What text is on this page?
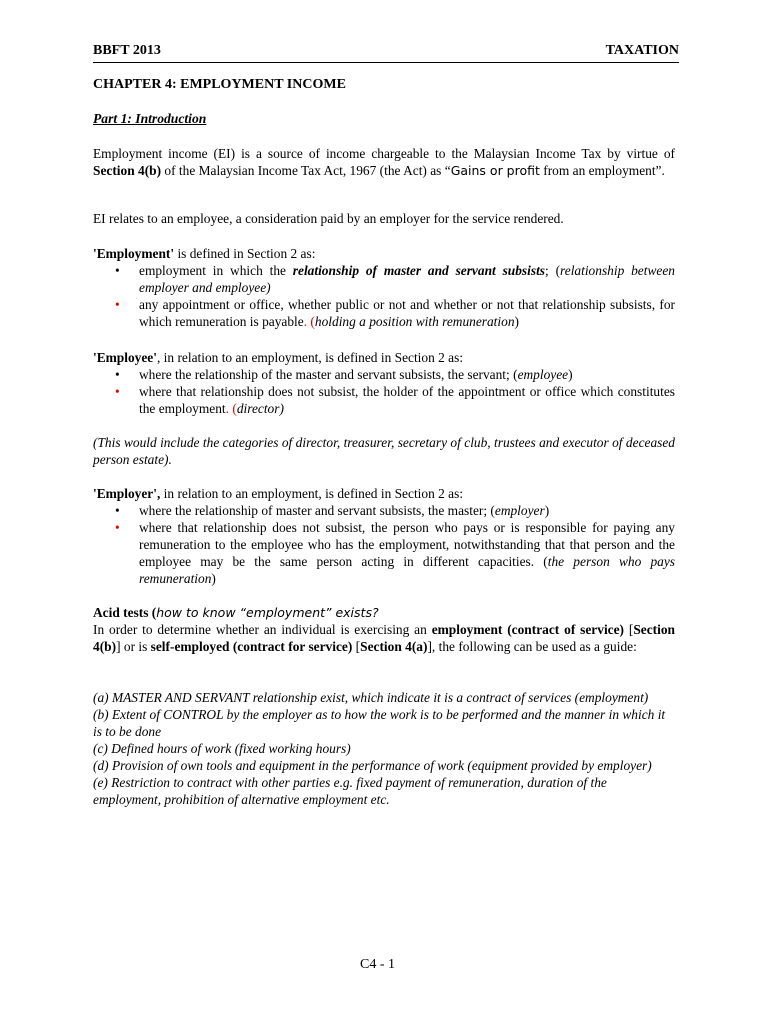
BBFT 2013	TAXATION
CHAPTER 4: EMPLOYMENT INCOME
Part 1: Introduction
Employment income (EI) is a source of income chargeable to the Malaysian Income Tax by virtue of Section 4(b) of the Malaysian Income Tax Act, 1967 (the Act) as “Gains or profit from an employment”.
EI relates to an employee, a consideration paid by an employer for the service rendered.
'Employment' is defined in Section 2 as:
• employment in which the relationship of master and servant subsists; (relationship between employer and employee)
• any appointment or office, whether public or not and whether or not that relationship subsists, for which remuneration is payable. (holding a position with remuneration)
'Employee', in relation to an employment, is defined in Section 2 as:
• where the relationship of the master and servant subsists, the servant; (employee)
• where that relationship does not subsist, the holder of the appointment or office which constitutes the employment. (director)
(This would include the categories of director, treasurer, secretary of club, trustees and executor of deceased person estate).
'Employer', in relation to an employment, is defined in Section 2 as:
• where the relationship of master and servant subsists, the master; (employer)
• where that relationship does not subsist, the person who pays or is responsible for paying any remuneration to the employee who has the employment, notwithstanding that that person and the employee may be the same person acting in different capacities. (the person who pays remuneration)
Acid tests (how to know “employment” exists?
In order to determine whether an individual is exercising an employment (contract of service) [Section 4(b)] or is self-employed (contract for service) [Section 4(a)], the following can be used as a guide:
(a) MASTER AND SERVANT relationship exist, which indicate it is a contract of services (employment)
(b) Extent of CONTROL by the employer as to how the work is to be performed and the manner in which it is to be done
(c) Defined hours of work (fixed working hours)
(d) Provision of own tools and equipment in the performance of work (equipment provided by employer)
(e) Restriction to contract with other parties e.g. fixed payment of remuneration, duration of the employment, prohibition of alternative employment etc.
C4 - 1
